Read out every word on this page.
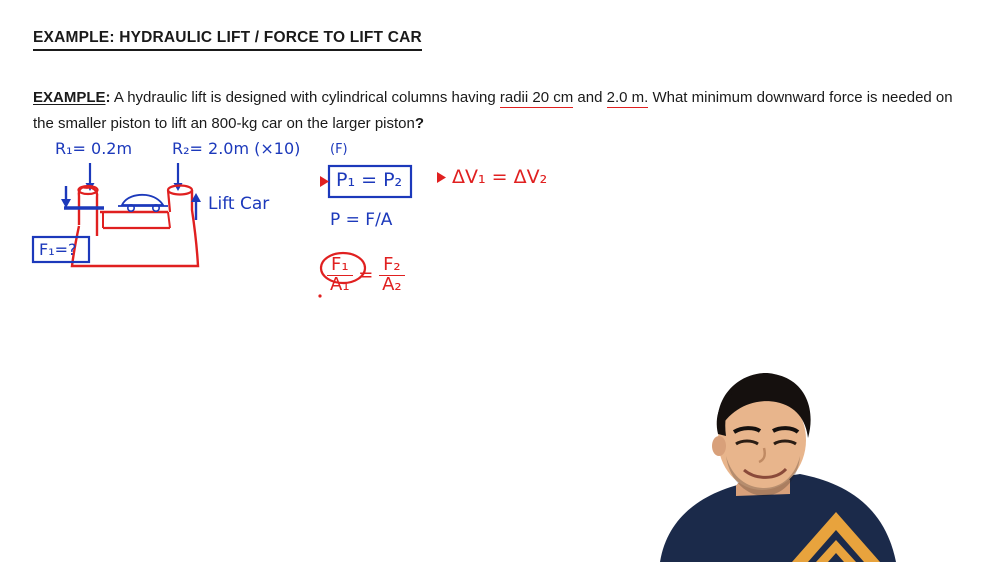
EXAMPLE: HYDRAULIC LIFT / FORCE TO LIFT CAR
EXAMPLE: A hydraulic lift is designed with cylindrical columns having radii 20 cm and 2.0 m. What minimum downward force is needed on the smaller piston to lift an 800-kg car on the larger piston?
R₁= 0.2m R₂= 2.0m (×10)
F₁=?
Lift Car
(F)
P₁ = P₂
P = F/A
$\frac{\text{F₁}}{\text{A₁}} = \frac{\text{F₂}}{\text{A₂}}$
ΔV₁ = ΔV₂
